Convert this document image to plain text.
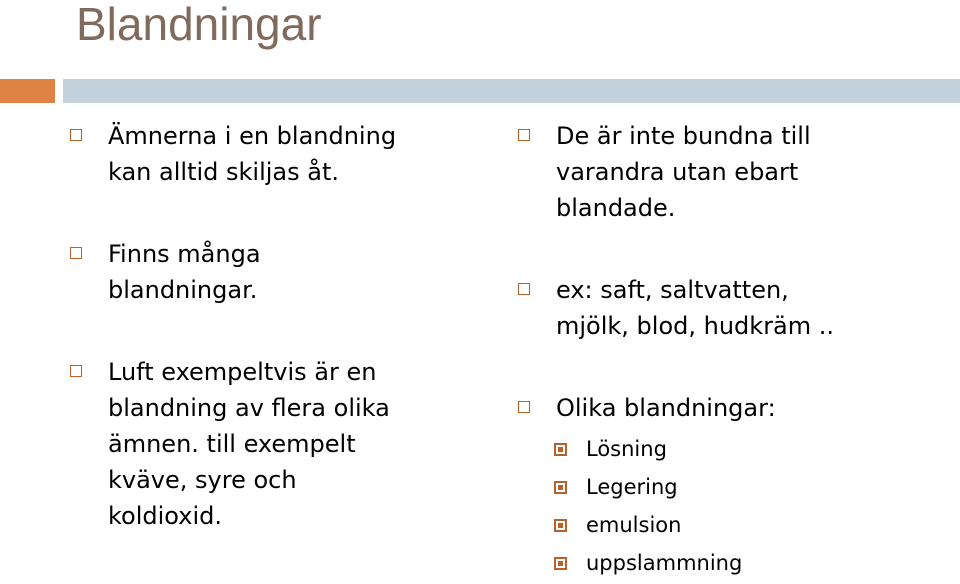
Blandningar
Ämnerna i en blandning
kan alltid skiljas åt.
Finns många
blandningar.
Luft exempeltvis är en
blandning av flera olika
ämnen. till exempelt
kväve, syre och
koldioxid.
De är inte bundna till
varandra utan ebart
blandade.
ex: saft, saltvatten,
mjölk, blod, hudkräm ..
Olika blandningar:
Lösning
Legering
emulsion
uppslammning
